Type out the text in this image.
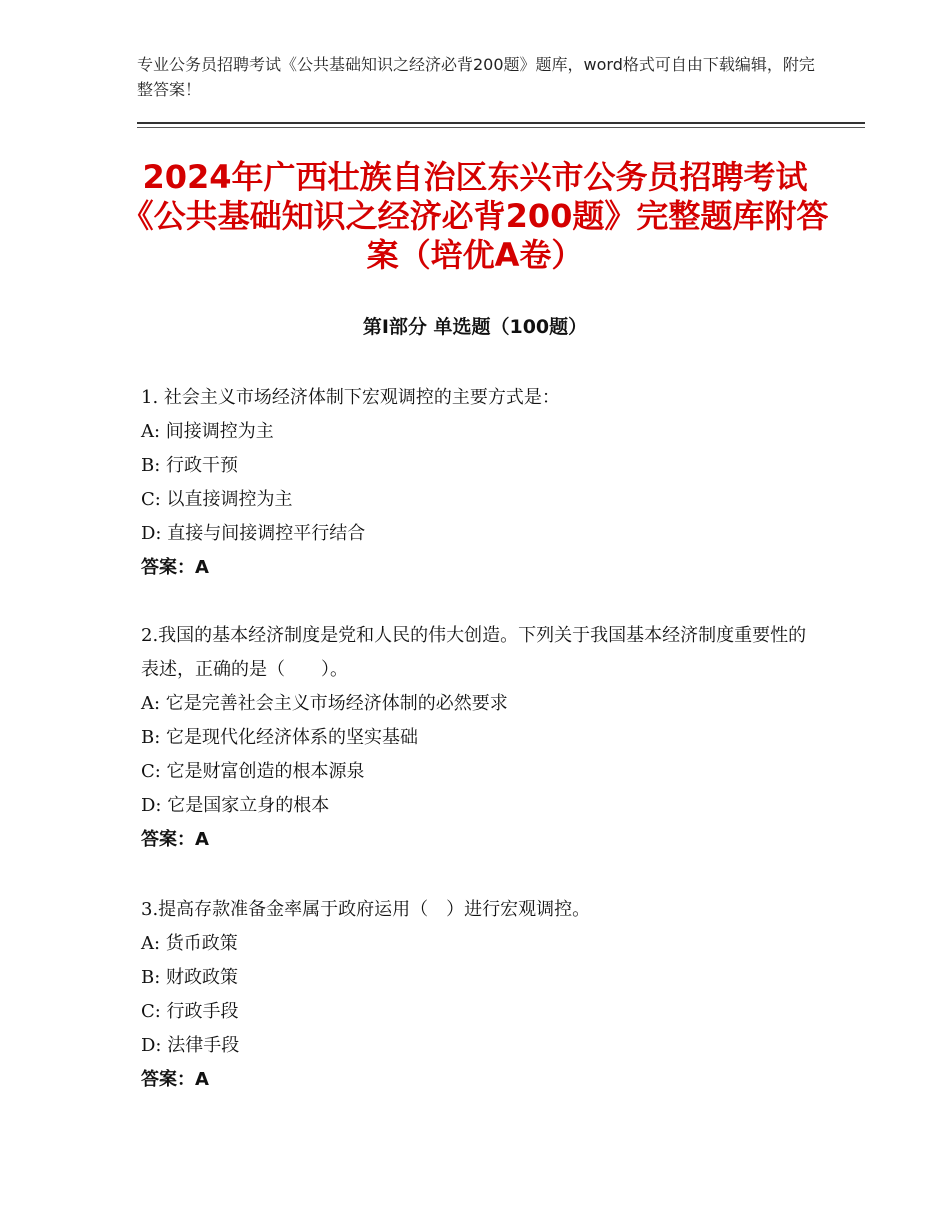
专业公务员招聘考试《公共基础知识之经济必背200题》题库，word格式可自由下载编辑，附完整答案！
2024年广西壮族自治区东兴市公务员招聘考试《公共基础知识之经济必背200题》完整题库附答案（培优A卷）
第Ⅰ部分 单选题（100题）
1. 社会主义市场经济体制下宏观调控的主要方式是：
A: 间接调控为主
B: 行政干预
C: 以直接调控为主
D: 直接与间接调控平行结合
答案：A
2.我国的基本经济制度是党和人民的伟大创造。下列关于我国基本经济制度重要性的表述，正确的是（　　）。
A: 它是完善社会主义市场经济体制的必然要求
B: 它是现代化经济体系的坚实基础
C: 它是财富创造的根本源泉
D: 它是国家立身的根本
答案：A
3.提高存款准备金率属于政府运用（　）进行宏观调控。
A: 货币政策
B: 财政政策
C: 行政手段
D: 法律手段
答案：A
